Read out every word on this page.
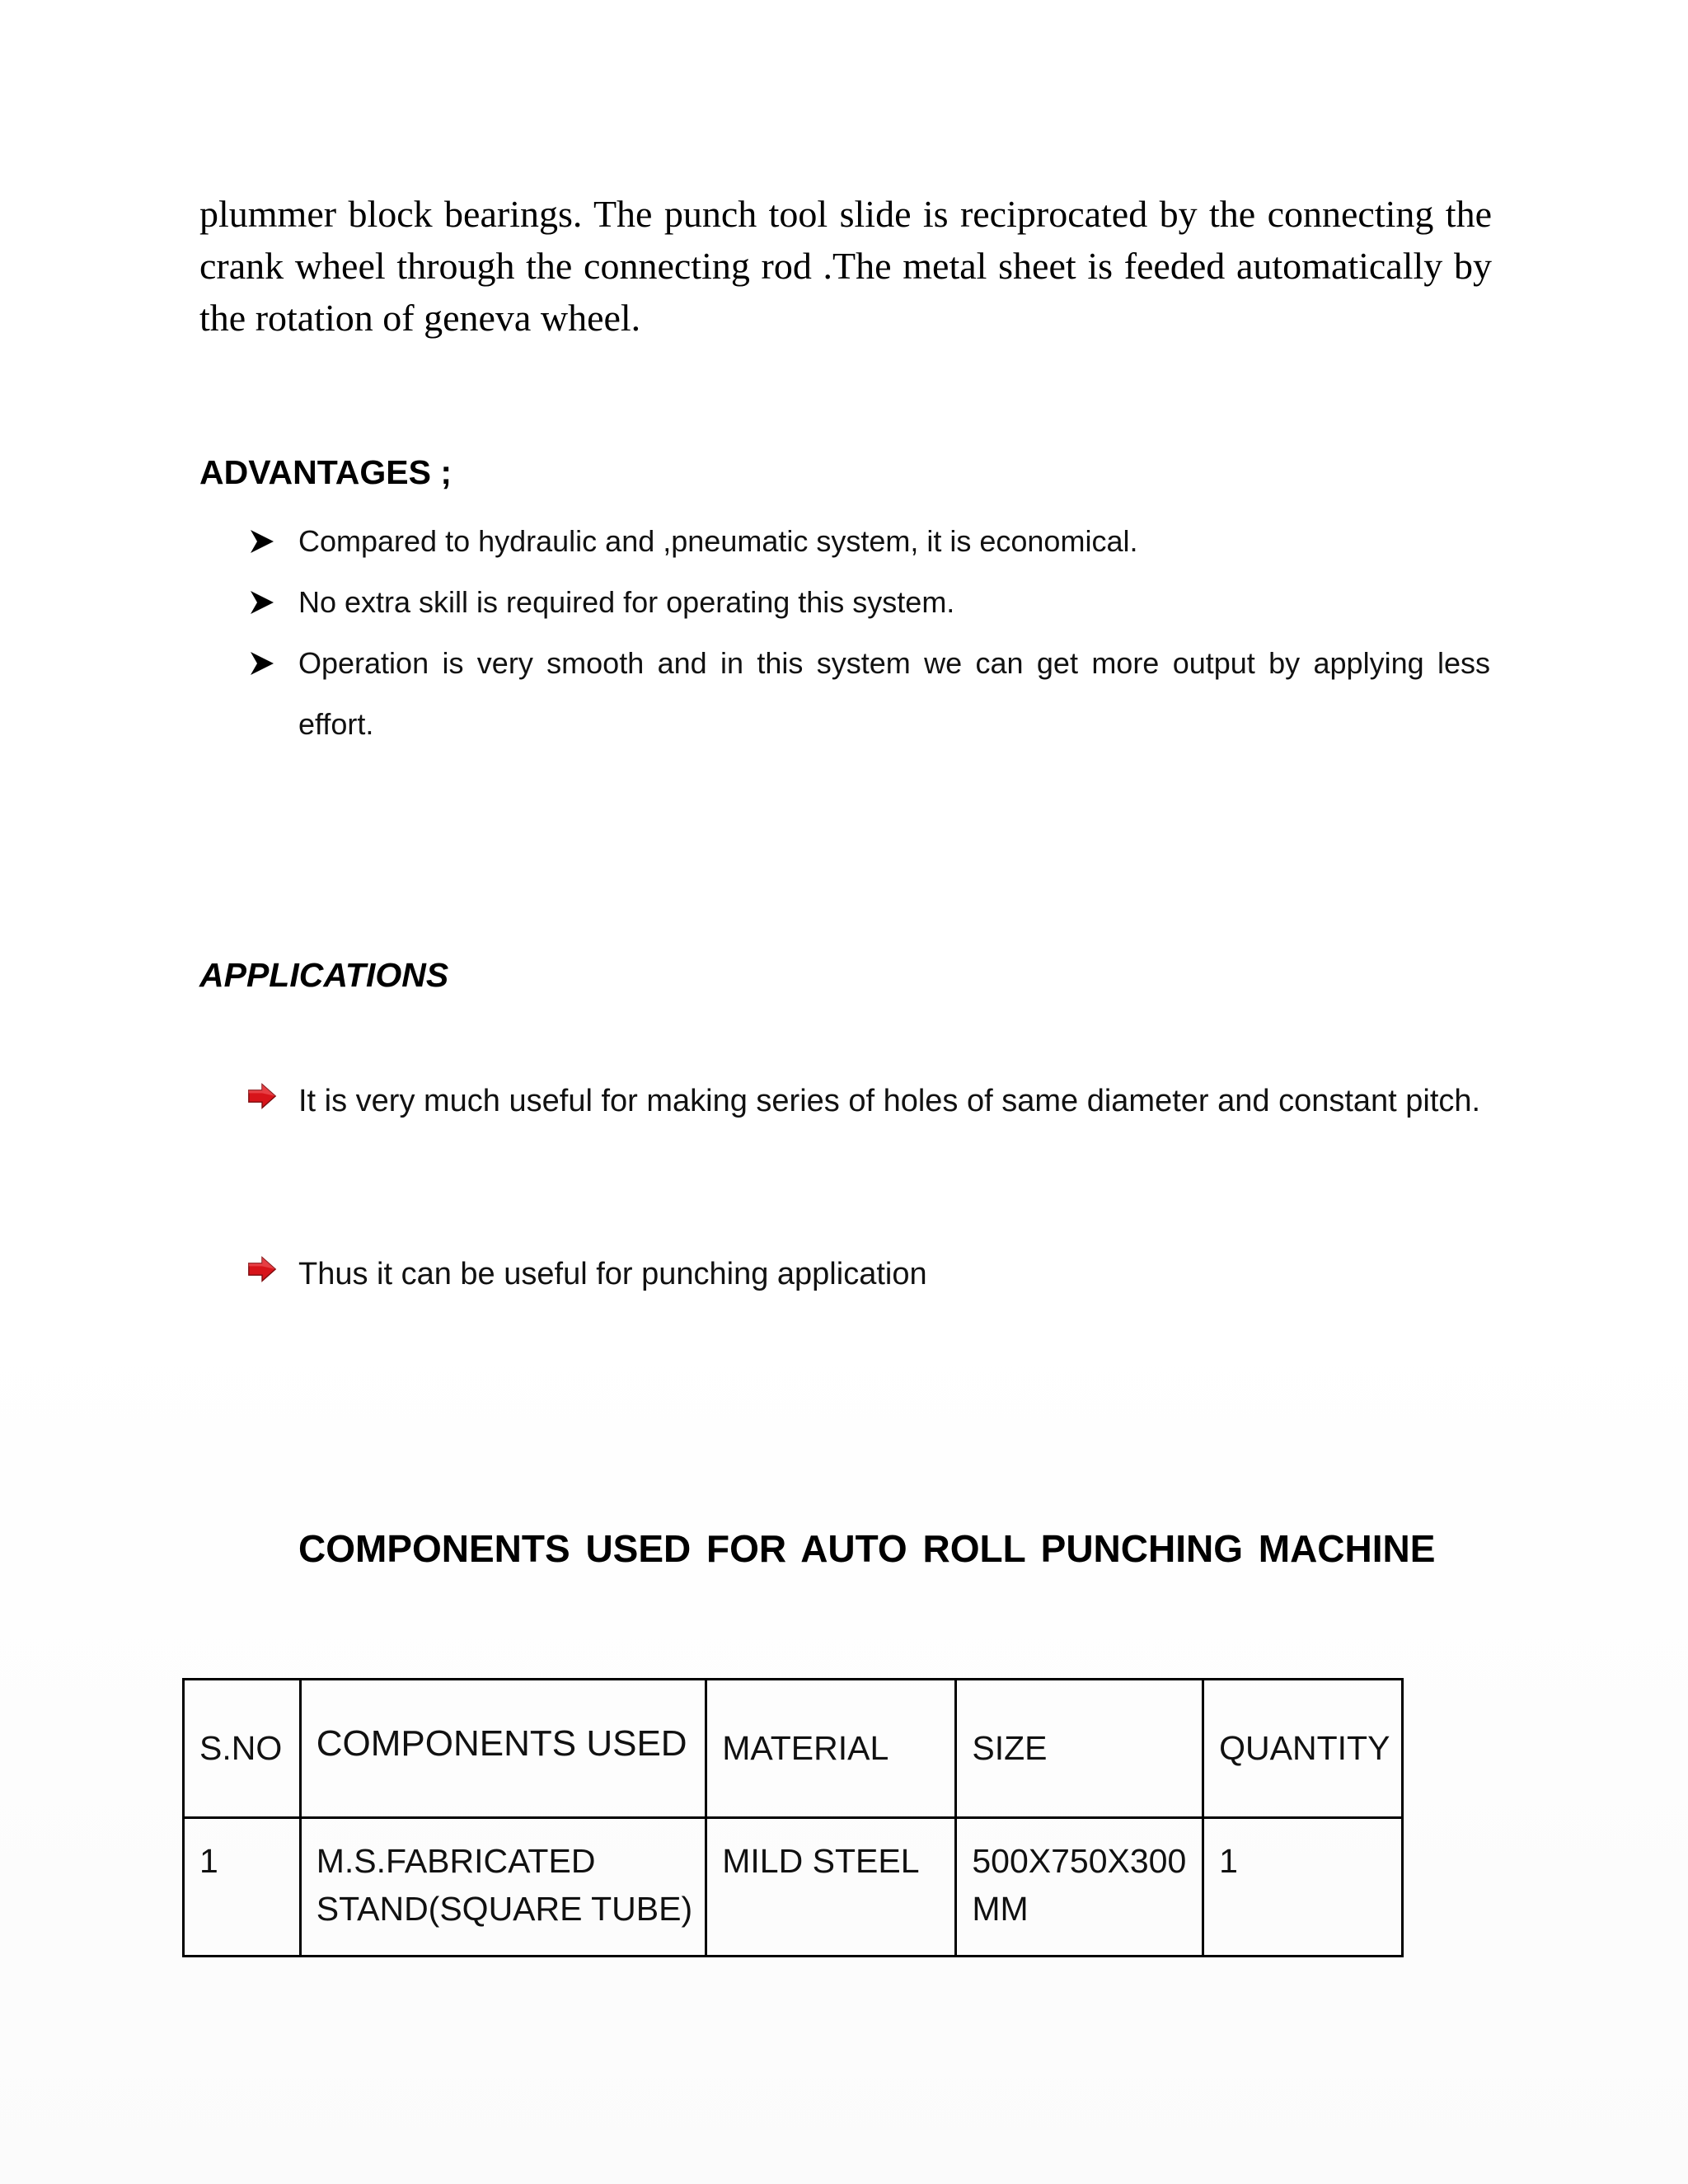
plummer block bearings. The punch tool slide is reciprocated by the connecting the crank wheel through the connecting rod .The metal sheet is feeded automatically by the rotation of geneva wheel.

ADVANTAGES ;
Compared to hydraulic and ,pneumatic system, it is economical.
No extra skill is required for operating this system.
Operation is very smooth and in this system we can get more output by applying less effort.
APPLICATIONS
It is very much useful for making series of holes of same diameter and constant pitch.
Thus it can be useful for punching application
COMPONENTS USED FOR AUTO ROLL PUNCHING MACHINE
S.NO	COMPONENTS USED	MATERIAL	SIZE	QUANTITY
1	M.S.FABRICATED STAND(SQUARE TUBE)	MILD STEEL	500X750X300 MM	1
